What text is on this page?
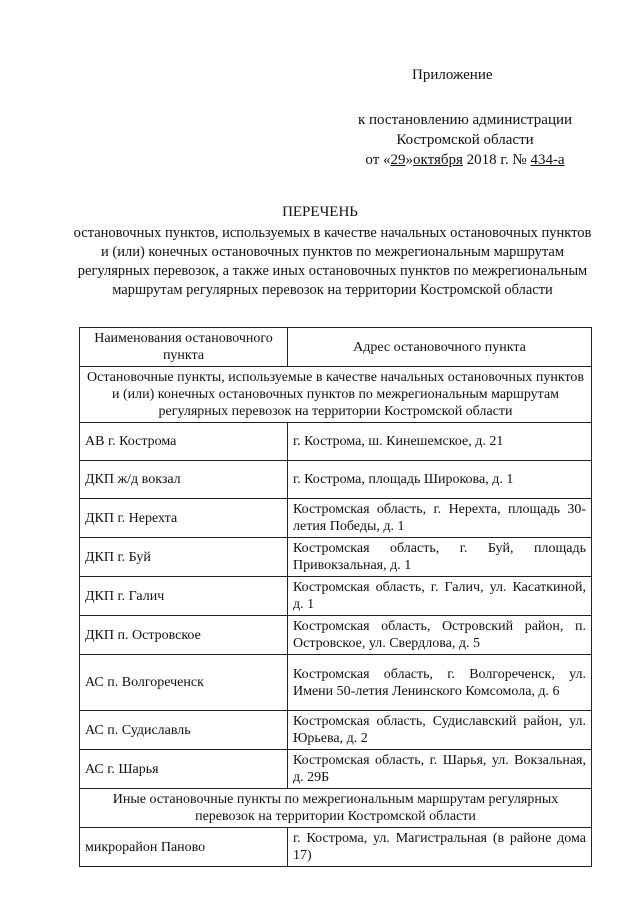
Приложение
к постановлению администрации
Костромской области
от «29»октября 2018 г. № 434-а
ПЕРЕЧЕНЬ
остановочных пунктов, используемых в качестве начальных остановочных пунктов и (или) конечных остановочных пунктов по межрегиональным маршрутам регулярных перевозок, а также иных остановочных пунктов по межрегиональным маршрутам регулярных перевозок на территории Костромской области
Наименования остановочного пункта	Адрес остановочного пункта
Остановочные пункты, используемые в качестве начальных остановочных пунктов и (или) конечных остановочных пунктов по межрегиональным маршрутам регулярных перевозок на территории Костромской области	
АВ г. Кострома	г. Кострома, ш. Кинешемское, д. 21
ДКП ж/д вокзал	г. Кострома, площадь Широкова, д. 1
ДКП г. Нерехта	Костромская область, г. Нерехта, площадь 30-летия Победы, д. 1
ДКП г. Буй	Костромская область, г. Буй, площадь Привокзальная, д. 1
ДКП г. Галич	Костромская область, г. Галич, ул. Касаткиной, д. 1
ДКП п. Островское	Костромская область, Островский район, п. Островское, ул. Свердлова, д. 5
АС п. Волгореченск	Костромская область, г. Волгореченск, ул. Имени 50-летия Ленинского Комсомола, д. 6
АС п. Судиславль	Костромская область, Судиславский район, ул. Юрьева, д. 2
АС г. Шарья	Костромская область, г. Шарья, ул. Вокзальная, д. 29Б
Иные остановочные пункты по межрегиональным маршрутам регулярных перевозок на территории Костромской области	
микрорайон Паново	г. Кострома, ул. Магистральная (в районе дома 17)
